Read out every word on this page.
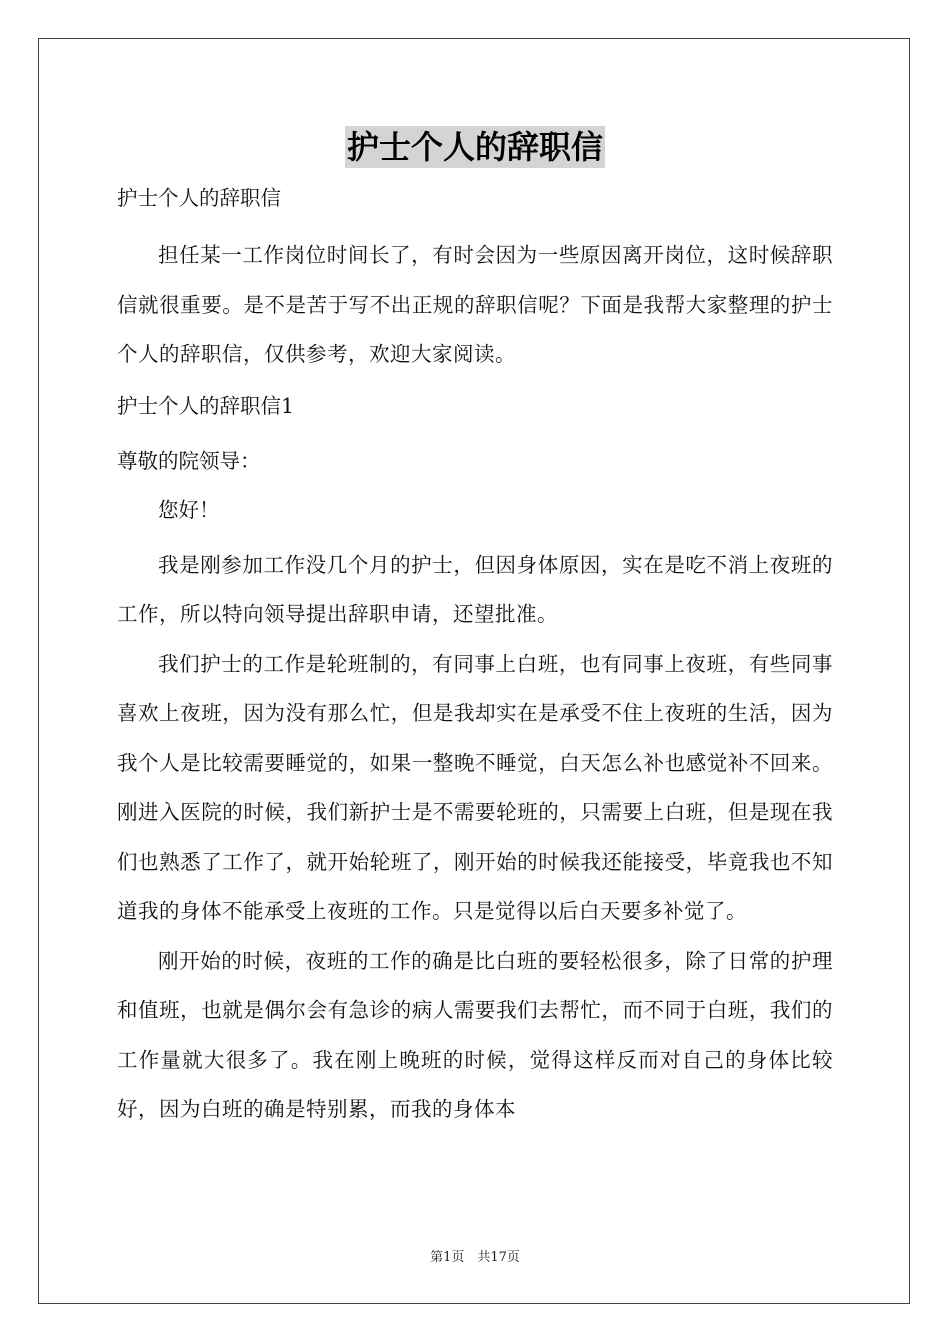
护士个人的辞职信

护士个人的辞职信

担任某一工作岗位时间长了，有时会因为一些原因离开岗位，这时候辞职信就很重要。是不是苦于写不出正规的辞职信呢？下面是我帮大家整理的护士个人的辞职信，仅供参考，欢迎大家阅读。

护士个人的辞职信1

尊敬的院领导：

您好！

我是刚参加工作没几个月的护士，但因身体原因，实在是吃不消上夜班的工作，所以特向领导提出辞职申请，还望批准。

我们护士的工作是轮班制的，有同事上白班，也有同事上夜班，有些同事喜欢上夜班，因为没有那么忙，但是我却实在是承受不住上夜班的生活，因为我个人是比较需要睡觉的，如果一整晚不睡觉，白天怎么补也感觉补不回来。刚进入医院的时候，我们新护士是不需要轮班的，只需要上白班，但是现在我们也熟悉了工作了，就开始轮班了，刚开始的时候我还能接受，毕竟我也不知道我的身体不能承受上夜班的工作。只是觉得以后白天要多补觉了。

刚开始的时候，夜班的工作的确是比白班的要轻松很多，除了日常的护理和值班，也就是偶尔会有急诊的病人需要我们去帮忙，而不同于白班，我们的工作量就大很多了。我在刚上晚班的时候，觉得这样反而对自己的身体比较好，因为白班的确是特别累，而我的身体本

第1页　共17页
